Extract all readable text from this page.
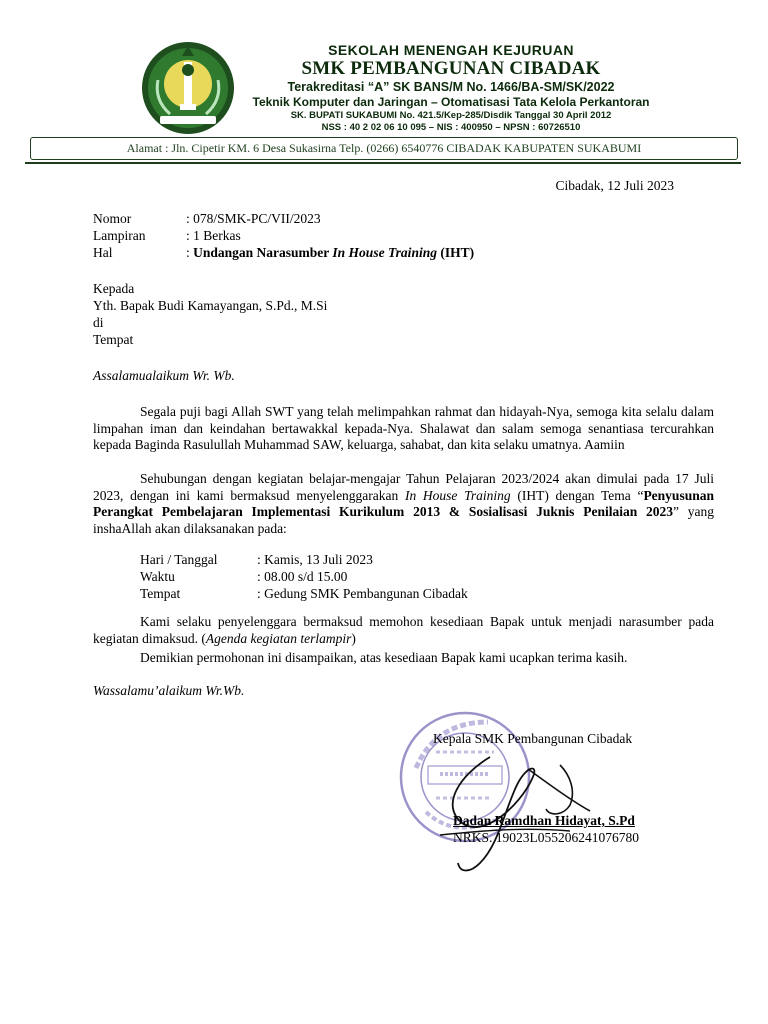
SEKOLAH MENENGAH KEJURUAN
SMK PEMBANGUNAN CIBADAK
Terakreditasi “A” SK BANS/M No. 1466/BA-SM/SK/2022
Teknik Komputer dan Jaringan – Otomatisasi Tata Kelola Perkantoran
SK. BUPATI SUKABUMI No. 421.5/Kep-285/Disdik Tanggal 30 April 2012
NSS : 40 2 02 06 10 095 – NIS : 400950 – NPSN : 60726510
Alamat : Jln. Cipetir KM. 6 Desa Sukasirna Telp. (0266) 6540776 CIBADAK KABUPATEN SUKABUMI
Cibadak, 12 Juli 2023
Nomor	: 078/SMK-PC/VII/2023
Lampiran	: 1 Berkas
Hal	: Undangan Narasumber In House Training (IHT)
Kepada
Yth. Bapak Budi Kamayangan, S.Pd., M.Si
di
Tempat
Assalamualaikum Wr. Wb.
Segala puji bagi Allah SWT yang telah melimpahkan rahmat dan hidayah-Nya, semoga kita selalu dalam limpahan iman dan keindahan bertawakkal kepada-Nya. Shalawat dan salam semoga senantiasa tercurahkan kepada Baginda Rasulullah Muhammad SAW, keluarga, sahabat, dan kita selaku umatnya. Aamiin
Sehubungan dengan kegiatan belajar-mengajar Tahun Pelajaran 2023/2024 akan dimulai pada 17 Juli 2023, dengan ini kami bermaksud menyelenggarakan In House Training (IHT) dengan Tema “Penyusunan Perangkat Pembelajaran Implementasi Kurikulum 2013 & Sosialisasi Juknis Penilaian 2023” yang inshaAllah akan dilaksanakan pada:
Hari / Tanggal	: Kamis, 13 Juli 2023
Waktu	: 08.00 s/d 15.00
Tempat	: Gedung SMK Pembangunan Cibadak
Kami selaku penyelenggara bermaksud memohon kesediaan Bapak untuk menjadi narasumber pada kegiatan dimaksud. (Agenda kegiatan terlampir)
Demikian permohonan ini disampaikan, atas kesediaan Bapak kami ucapkan terima kasih.
Wassalamu’alaikum Wr.Wb.
Kepala SMK Pembangunan Cibadak
Dadan Ramdhan Hidayat, S.Pd
NRKS. 19023L055206241076780
